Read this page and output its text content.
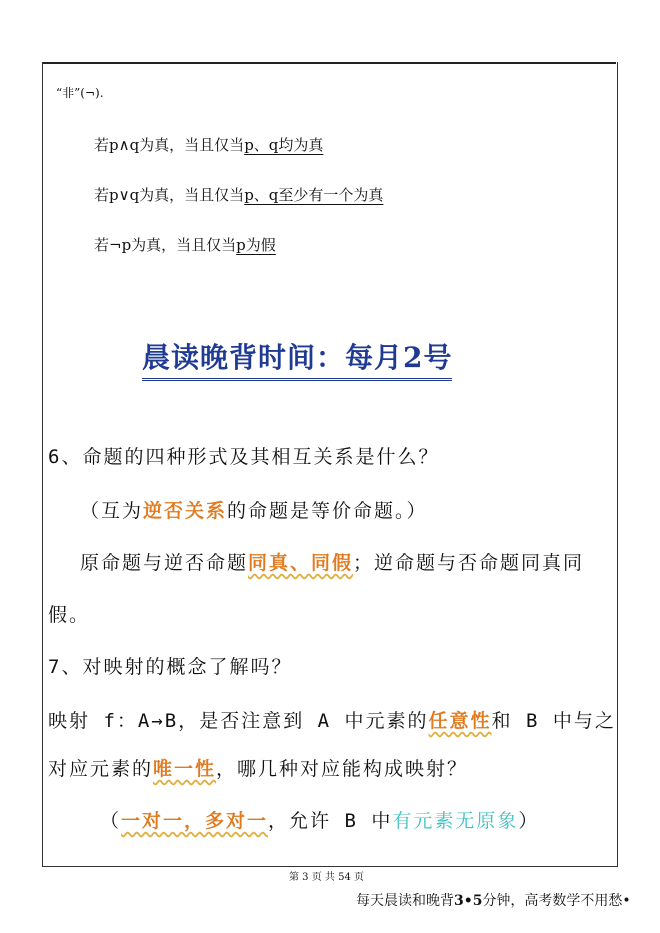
“非”(¬).
若p∧q为真，当且仅当p、q均为真
若p∨q为真，当且仅当p、q至少有一个为真
若¬p为真，当且仅当p为假
晨读晚背时间：每月2号
6、命题的四种形式及其相互关系是什么？
（互为逆否关系的命题是等价命题。）
原命题与逆否命题同真、同假；逆命题与否命题同真同
假。
7、对映射的概念了解吗？
映射 f：A→B，是否注意到 A 中元素的任意性和 B 中与之
对应元素的唯一性，哪几种对应能构成映射？
（一对一，多对一，允许 B 中有元素无原象）
第 3 页 共 54 页
每天晨读和晚背3•5分钟，高考数学不用愁•
